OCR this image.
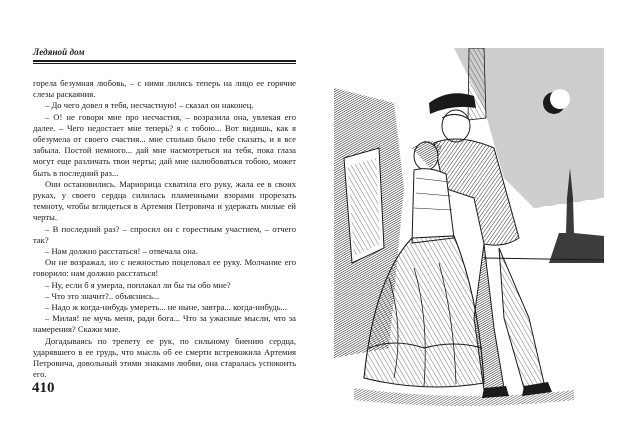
Ледяной дом

горела безумная любовь, – с ними лились теперь на лицо ее горячие слезы раскаяния.

– До чего довел я тебя, несчастную! – сказал он наконец.

– О! не говори мне про несчастия, – возразила она, увлекая его далее. – Чего недостает мне теперь? я с тобою... Вот видишь, как я обезумела от своего счастия... мне столько было тебе сказать, и я все забыла. Постой немного... дай мне насмотреться на тебя, пока глаза могут еще различать твои черты; дай мне налюбоваться тобою, может быть в последний раз...

Они остановились. Мариорица схватила его руку, жала ее в своих руках, у своего сердца силилась пламенными взорами прорезать темноту, чтобы вглядеться в Артемия Петровича и удержать милые ей черты.

– В последний раз? – спросил он с горестным участием, – отчего так?

– Нам должно расстаться! – отвечала она.

Он не возражал, но с нежностью поцеловал ее руку. Молчание его говорило: нам должно расстаться!

– Ну, если б я умерла, поплакал ли бы ты обо мне?

– Что это значит?.. объяснись...

– Надо ж когда-нибудь умереть... не ныне, завтра... когда-нибудь...

– Милая! не мучь меня, ради бога... Что за ужасные мысли, что за намерения? Скажи мне.

Догадываясь по трепету ее рук, по сильному биению сердца, ударявшего в ее грудь, что мысль об ее смерти встревожила Артемия Петровича, довольный этими знаками любви, она старалась успокоить его.

410
